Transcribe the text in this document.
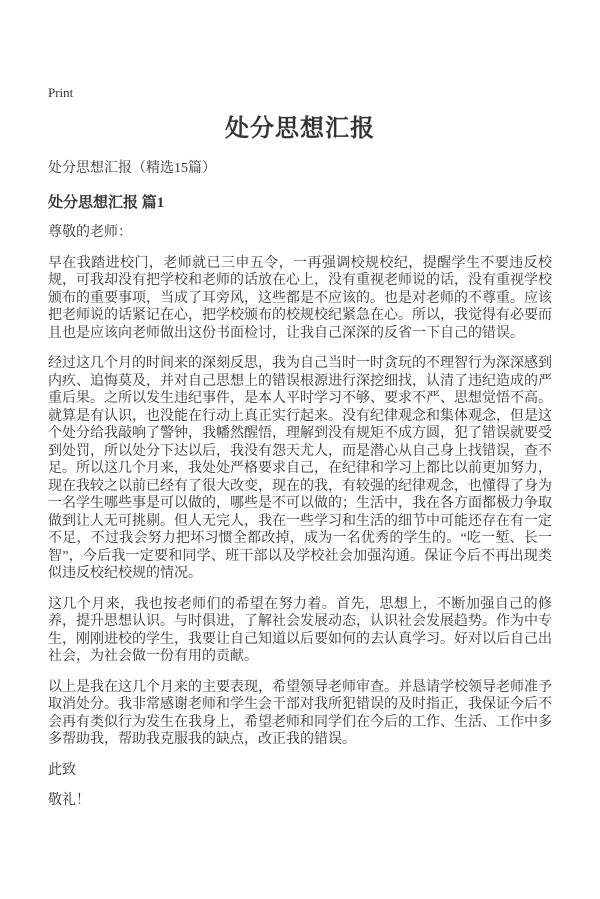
Print
处分思想汇报
处分思想汇报（精选15篇）
处分思想汇报 篇1

尊敬的老师：

早在我踏进校门，老师就已三申五令，一再强调校规校纪，提醒学生不要违反校规，可我却没有把学校和老师的话放在心上，没有重视老师说的话，没有重视学校颁布的重要事项，当成了耳旁风，这些都是不应该的。也是对老师的不尊重。应该把老师说的话紧记在心，把学校颁布的校规校纪紧急在心。所以，我觉得有必要而且也是应该向老师做出这份书面检讨，让我自己深深的反省一下自己的错误。

经过这几个月的时间来的深刻反思，我为自己当时一时贪玩的不理智行为深深感到内疚、追悔莫及，并对自己思想上的错误根源进行深挖细找，认清了违纪造成的严重后果。之所以发生违纪事件，是本人平时学习不够、要求不严、思想觉悟不高。就算是有认识，也没能在行动上真正实行起来。没有纪律观念和集体观念，但是这个处分给我敲响了警钟，我幡然醒悟，理解到没有规矩不成方圆，犯了错误就要受到处罚，所以处分下达以后，我没有怨天尤人，而是潜心从自己身上找错误，查不足。所以这几个月来，我处处严格要求自己，在纪律和学习上都比以前更加努力，现在我较之以前已经有了很大改变，现在的我，有较强的纪律观念，也懂得了身为一名学生哪些事是可以做的，哪些是不可以做的；生活中，我在各方面都极力争取做到让人无可挑剔。但人无完人，我在一些学习和生活的细节中可能还存在有一定不足，不过我会努力把坏习惯全都改掉，成为一名优秀的学生的。“吃一堑、长一智”，今后我一定要和同学、班干部以及学校社会加强沟通。保证今后不再出现类似违反校纪校规的情况。

这几个月来，我也按老师们的希望在努力着。首先，思想上，不断加强自己的修养，提升思想认识。与时俱进，了解社会发展动态，认识社会发展趋势。作为中专生，刚刚进校的学生，我要让自己知道以后要如何的去认真学习。好对以后自己出社会，为社会做一份有用的贡献。

以上是我在这几个月来的主要表现，希望领导老师审查。并恳请学校领导老师准予取消处分。我非常感谢老师和学生会干部对我所犯错误的及时指正，我保证今后不会再有类似行为发生在我身上，希望老师和同学们在今后的工作、生活、工作中多多帮助我，帮助我克服我的缺点，改正我的错误。

此致

敬礼！
